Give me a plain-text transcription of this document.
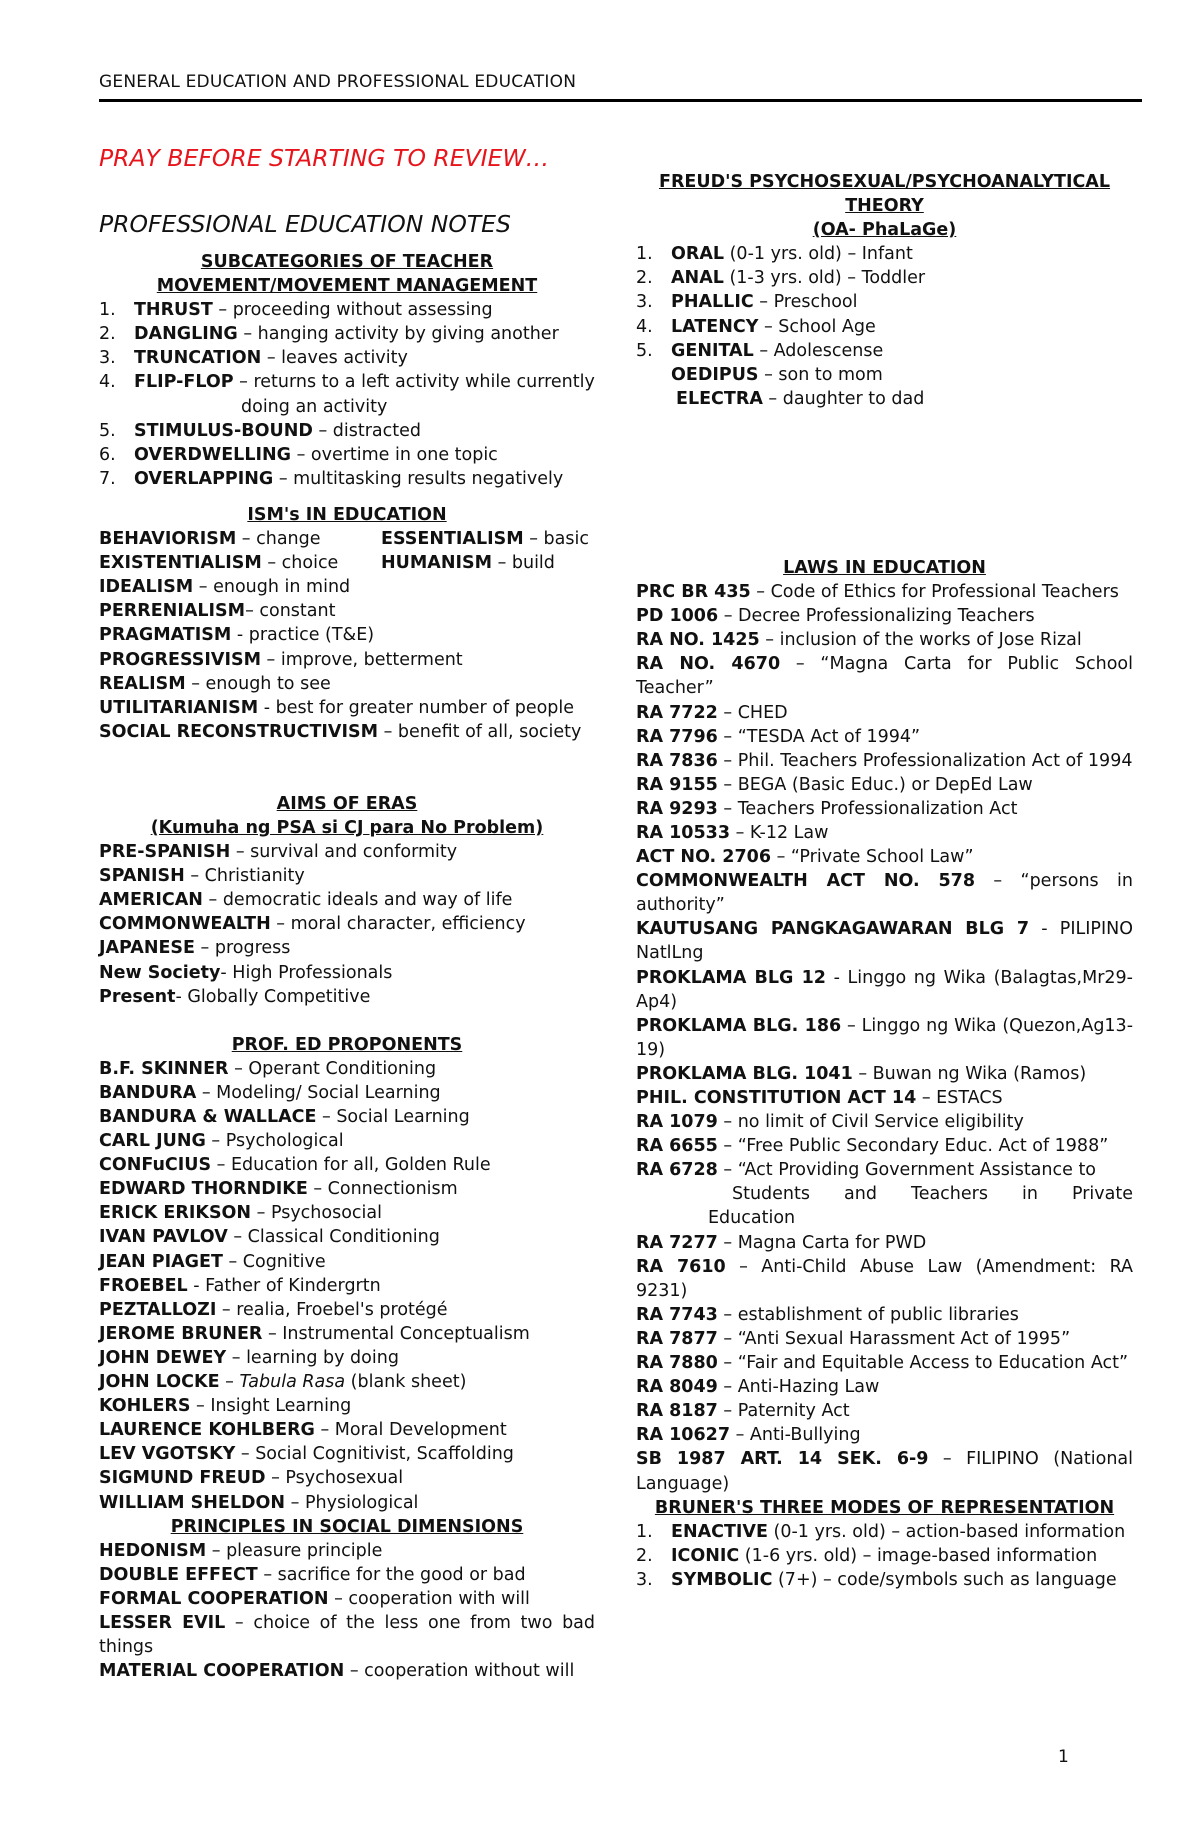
GENERAL EDUCATION AND PROFESSIONAL EDUCATION
PRAY BEFORE STARTING TO REVIEW…
PROFESSIONAL EDUCATION NOTES
SUBCATEGORIES OF TEACHER
MOVEMENT/MOVEMENT MANAGEMENT
1. THRUST – proceeding without assessing
2. DANGLING – hanging activity by giving another
3. TRUNCATION – leaves activity
4. FLIP-FLOP – returns to a left activity while currently
doing an activity
5. STIMULUS-BOUND – distracted
6. OVERDWELLING – overtime in one topic
7. OVERLAPPING – multitasking results negatively
ISM's IN EDUCATION
BEHAVIORISM – change	ESSENTIALISM – basic
EXISTENTIALISM – choice	HUMANISM – build
IDEALISM – enough in mind
PERRENIALISM– constant
PRAGMATISM - practice (T&E)
PROGRESSIVISM – improve, betterment
REALISM – enough to see
UTILITARIANISM - best for greater number of people
SOCIAL RECONSTRUCTIVISM – benefit of all, society
AIMS OF ERAS
(Kumuha ng PSA si CJ para No Problem)
PRE-SPANISH – survival and conformity
SPANISH – Christianity
AMERICAN – democratic ideals and way of life
COMMONWEALTH – moral character, efficiency
JAPANESE – progress
New Society- High Professionals
Present- Globally Competitive
PROF. ED PROPONENTS
B.F. SKINNER – Operant Conditioning
BANDURA – Modeling/ Social Learning
BANDURA & WALLACE – Social Learning
CARL JUNG – Psychological
CONFuCIUS – Education for all, Golden Rule
EDWARD THORNDIKE – Connectionism
ERICK ERIKSON – Psychosocial
IVAN PAVLOV – Classical Conditioning
JEAN PIAGET – Cognitive
FROEBEL - Father of Kindergrtn
PEZTALLOZI – realia, Froebel's protégé
JEROME BRUNER – Instrumental Conceptualism
JOHN DEWEY – learning by doing
JOHN LOCKE – Tabula Rasa (blank sheet)
KOHLERS – Insight Learning
LAURENCE KOHLBERG – Moral Development
LEV VGOTSKY – Social Cognitivist, Scaffolding
SIGMUND FREUD – Psychosexual
WILLIAM SHELDON – Physiological
PRINCIPLES IN SOCIAL DIMENSIONS
HEDONISM – pleasure principle
DOUBLE EFFECT – sacrifice for the good or bad
FORMAL COOPERATION – cooperation with will
LESSER EVIL – choice of the less one from two bad things
MATERIAL COOPERATION – cooperation without will
FREUD'S PSYCHOSEXUAL/PSYCHOANALYTICAL
THEORY
(OA- PhaLaGe)
1. ORAL (0-1 yrs. old) – Infant
2. ANAL (1-3 yrs. old) – Toddler
3. PHALLIC – Preschool
4. LATENCY – School Age
5. GENITAL – Adolescense
OEDIPUS – son to mom
ELECTRA – daughter to dad
LAWS IN EDUCATION
PRC BR 435 – Code of Ethics for Professional Teachers
PD 1006 – Decree Professionalizing Teachers
RA NO. 1425 – inclusion of the works of Jose Rizal
RA NO. 4670 – “Magna Carta for Public School Teacher”
RA 7722 – CHED
RA 7796 – “TESDA Act of 1994”
RA 7836 – Phil. Teachers Professionalization Act of 1994
RA 9155 – BEGA (Basic Educ.) or DepEd Law
RA 9293 – Teachers Professionalization Act
RA 10533 – K-12 Law
ACT NO. 2706 – “Private School Law”
COMMONWEALTH ACT NO. 578 – “persons in authority”
KAUTUSANG PANGKAGAWARAN BLG 7 - PILIPINO NatlLng
PROKLAMA BLG 12 - Linggo ng Wika (Balagtas,Mr29-Ap4)
PROKLAMA BLG. 186 – Linggo ng Wika (Quezon,Ag13-19)
PROKLAMA BLG. 1041 – Buwan ng Wika (Ramos)
PHIL. CONSTITUTION ACT 14 – ESTACS
RA 1079 – no limit of Civil Service eligibility
RA 6655 – “Free Public Secondary Educ. Act of 1988”
RA 6728 – “Act Providing Government Assistance to
Students and Teachers in Private
Education
RA 7277 – Magna Carta for PWD
RA 7610 – Anti-Child Abuse Law (Amendment: RA 9231)
RA 7743 – establishment of public libraries
RA 7877 – “Anti Sexual Harassment Act of 1995”
RA 7880 – “Fair and Equitable Access to Education Act”
RA 8049 – Anti-Hazing Law
RA 8187 – Paternity Act
RA 10627 – Anti-Bullying
SB 1987 ART. 14 SEK. 6-9 – FILIPINO (National Language)
BRUNER'S THREE MODES OF REPRESENTATION
1. ENACTIVE (0-1 yrs. old) – action-based information
2. ICONIC (1-6 yrs. old) – image-based information
3. SYMBOLIC (7+) – code/symbols such as language
1
